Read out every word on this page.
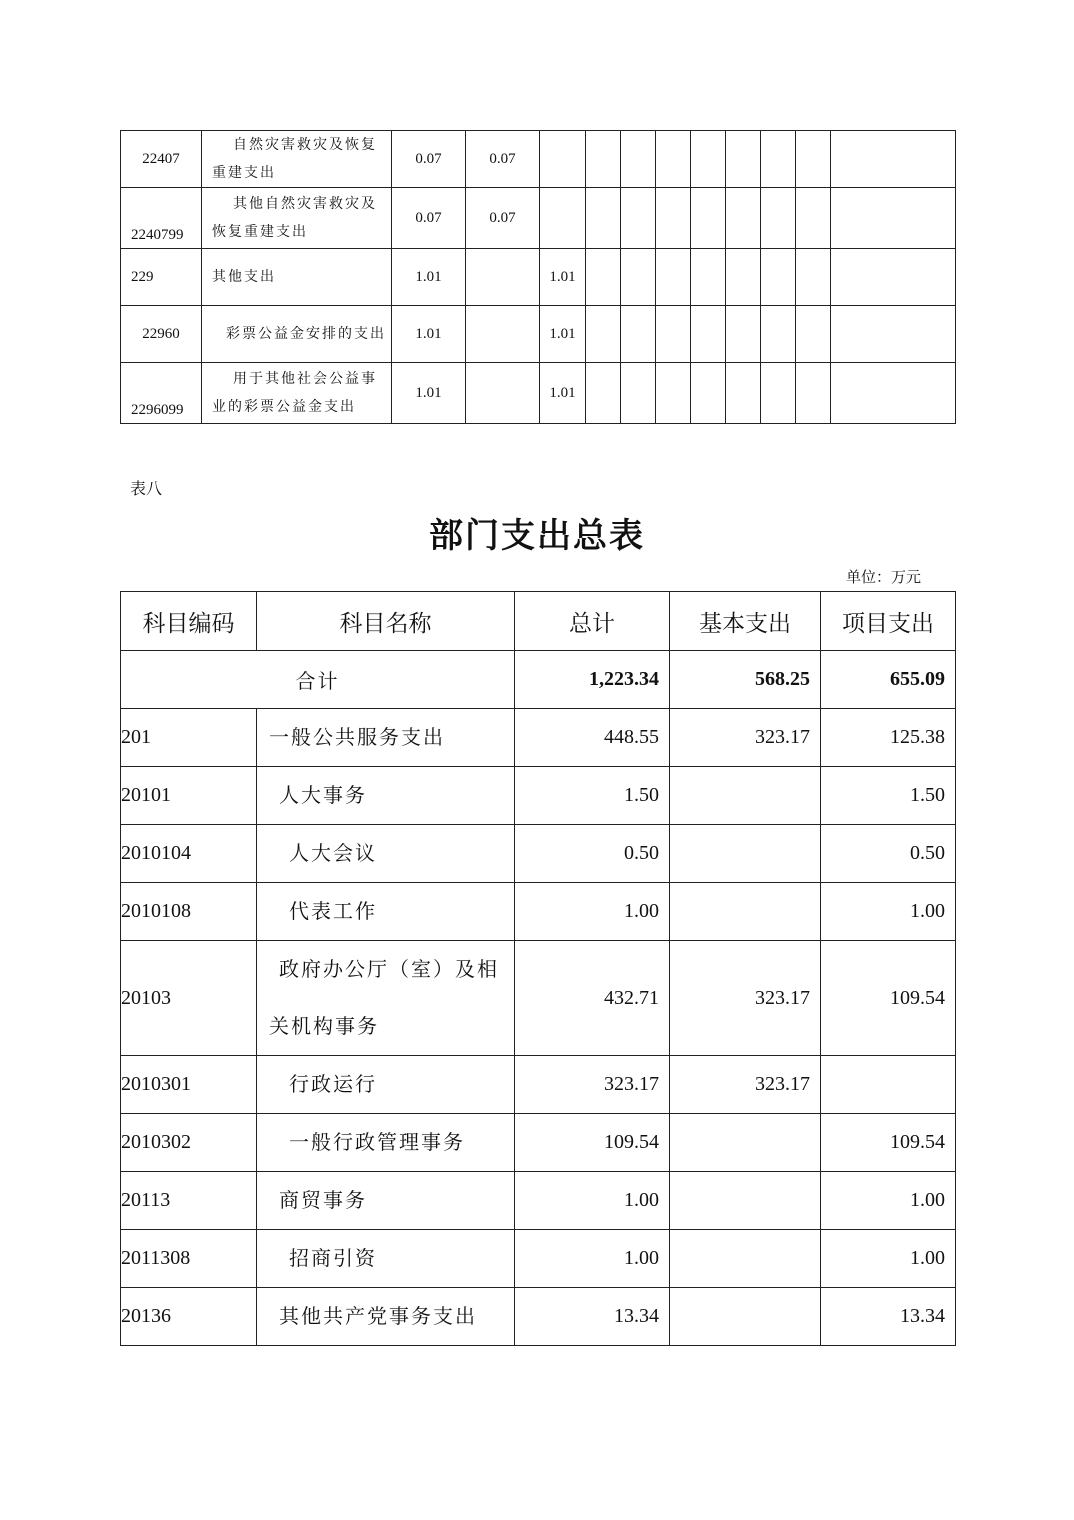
22407	自然灾害救灾及恢复重建支出	0.07	0.07									
2240799	其他自然灾害救灾及恢复重建支出	0.07	0.07									
229	其他支出	1.01		1.01								
22960	彩票公益金安排的支出	1.01		1.01								
2296099	用于其他社会公益事业的彩票公益金支出	1.01		1.01								
表八
部门支出总表
单位：万元
科目编码	科目名称	总计	基本支出	项目支出
合计		1,223.34	568.25	655.09
201	一般公共服务支出	448.55	323.17	125.38
20101	人大事务	1.50		1.50
2010104	人大会议	0.50		0.50
2010108	代表工作	1.00		1.00
20103	政府办公厅（室）及相关机构事务	432.71	323.17	109.54
2010301	行政运行	323.17	323.17	
2010302	一般行政管理事务	109.54		109.54
20113	商贸事务	1.00		1.00
2011308	招商引资	1.00		1.00
20136	其他共产党事务支出	13.34		13.34
